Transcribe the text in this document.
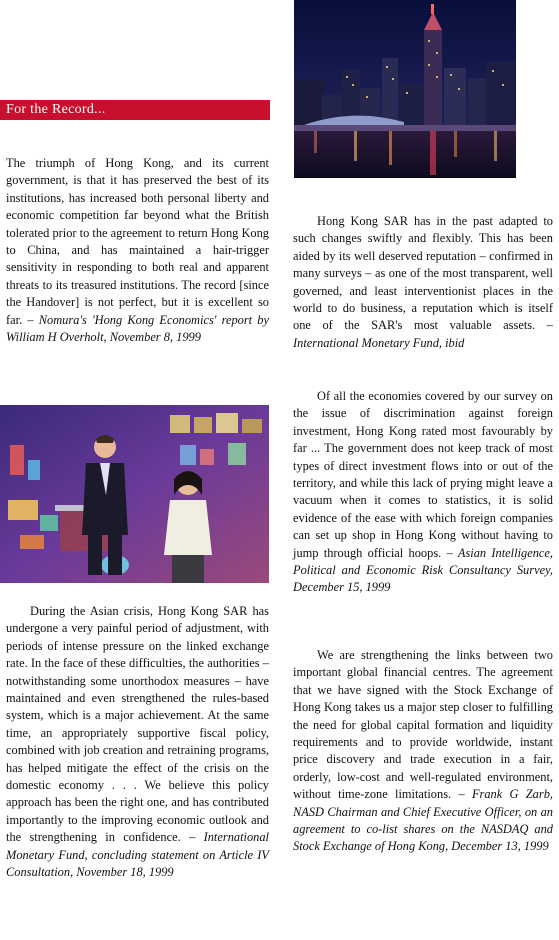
For the Record...

The triumph of Hong Kong, and its current government, is that it has preserved the best of its institutions, has increased both personal liberty and economic competition far beyond what the British tolerated prior to the agreement to return Hong Kong to China, and has maintained a hair-trigger sensitivity in responding to both real and apparent threats to its treasured institutions. The record [since the Handover] is not perfect, but it is excellent so far. – Nomura's 'Hong Kong Economics' report by William H Overholt, November 8, 1999

During the Asian crisis, Hong Kong SAR has undergone a very painful period of adjustment, with periods of intense pressure on the linked exchange rate. In the face of these difficulties, the authorities – notwithstanding some unorthodox measures – have maintained and even strengthened the rules-based system, which is a major achievement. At the same time, an appropriately supportive fiscal policy, combined with job creation and retraining programs, has helped mitigate the effect of the crisis on the domestic economy . . . We believe this policy approach has been the right one, and has contributed importantly to the improving economic outlook and the strengthening in confidence. – International Monetary Fund, concluding statement on Article IV Consultation, November 18, 1999

Hong Kong SAR has in the past adapted to such changes swiftly and flexibly. This has been aided by its well deserved reputation – confirmed in many surveys – as one of the most transparent, well governed, and least interventionist places in the world to do business, a reputation which is itself one of the SAR's most valuable assets. –International Monetary Fund, ibid

Of all the economies covered by our survey on the issue of discrimination against foreign investment, Hong Kong rated most favourably by far ... The government does not keep track of most types of direct investment flows into or out of the territory, and while this lack of prying might leave a vacuum when it comes to statistics, it is solid evidence of the ease with which foreign companies can set up shop in Hong Kong without having to jump through official hoops. – Asian Intelligence, Political and Economic Risk Consultancy Survey, December 15, 1999

We are strengthening the links between two important global financial centres. The agreement that we have signed with the Stock Exchange of Hong Kong takes us a major step closer to fulfilling the need for global capital formation and liquidity requirements and to provide worldwide, instant price discovery and trade execution in a fair, orderly, low-cost and well-regulated environment, without time-zone limitations. – Frank G Zarb, NASD Chairman and Chief Executive Officer, on an agreement to co-list shares on the NASDAQ and Stock Exchange of Hong Kong, December 13, 1999
